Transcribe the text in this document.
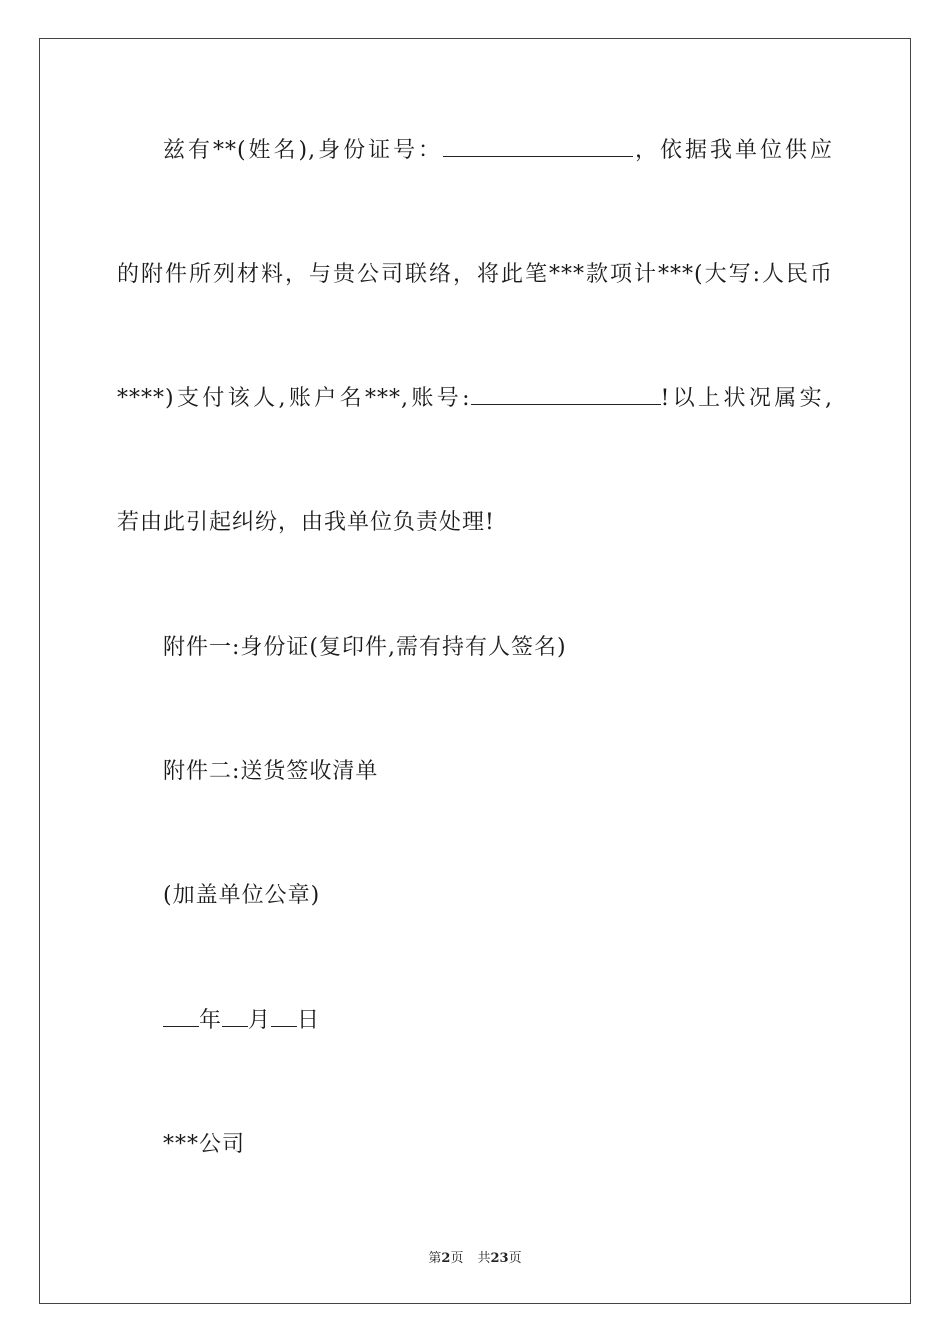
兹有**(姓名),身份证号：	，依据我单位供应
的附件所列材料，与贵公司联络，将此笔***款项计***(大写:人民币
****)支付该人,账户名***,账号:	!以上状况属实,
若由此引起纠纷，由我单位负责处理!
附件一:身份证(复印件,需有持有人签名)
附件二:送货签收清单
(加盖单位公章)
年 月 日
***公司
第2页 共23页
